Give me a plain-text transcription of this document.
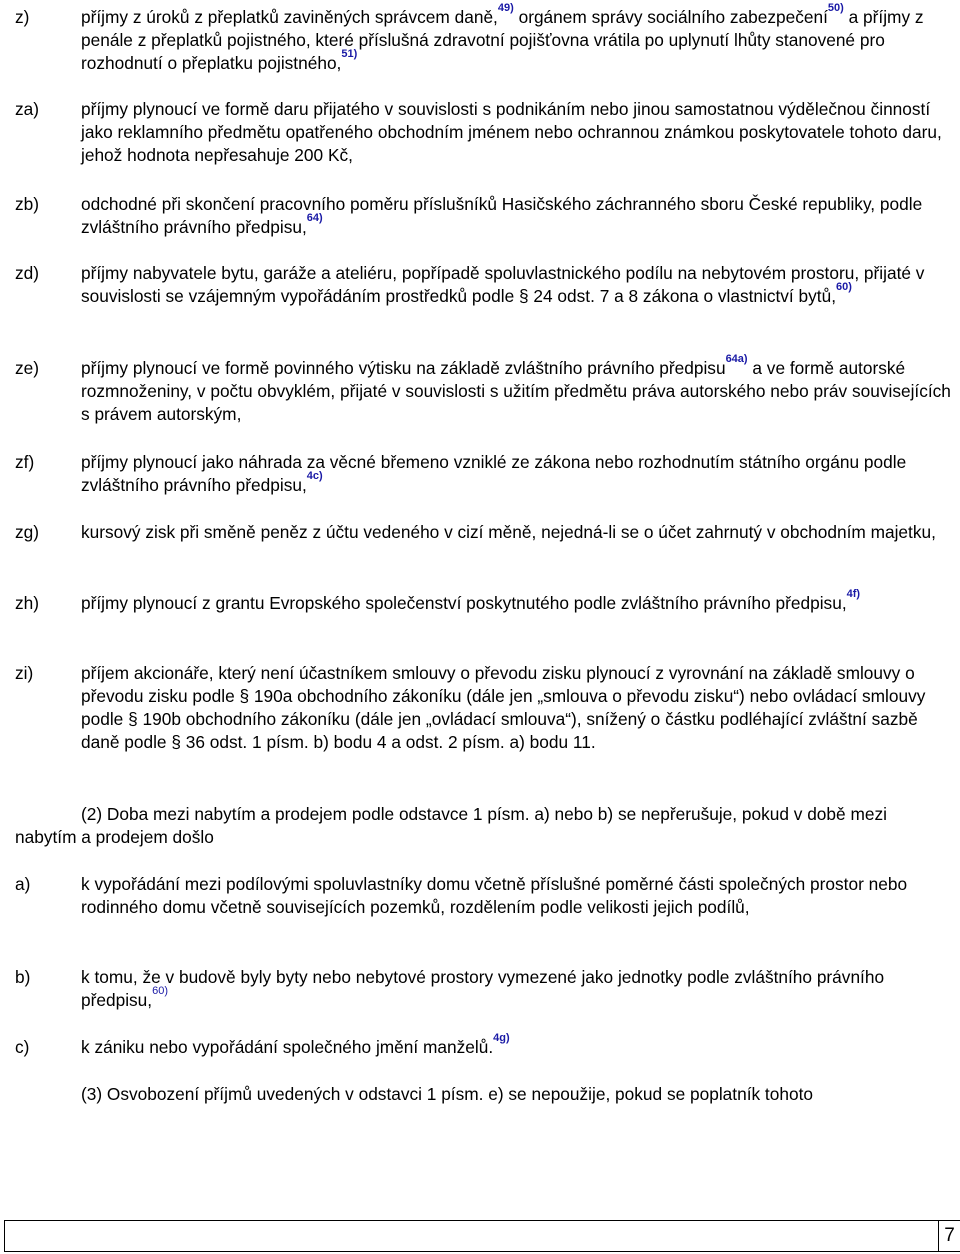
z)	příjmy z úroků z přeplatků zaviněných správcem daně,$^{49)}$ orgánem správy sociálního zabezpečení$^{50)}$ a příjmy z penále z přeplatků pojistného, které příslušná zdravotní pojišťovna vrátila po uplynutí lhůty stanovené pro rozhodnutí o přeplatku pojistného,$^{51)}$
za) příjmy plynoucí ve formě daru přijatého v souvislosti s podnikáním nebo jinou samostatnou výdělečnou činností jako reklamního předmětu opatřeného obchodním jménem nebo ochrannou známkou poskytovatele tohoto daru, jehož hodnota nepřesahuje 200 Kč,
zb) odchodné při skončení pracovního poměru příslušníků Hasičského záchranného sboru České republiky, podle zvláštního právního předpisu,$^{64)}$
zd) příjmy nabyvatele bytu, garáže a ateliéru, popřípadě spoluvlastnického podílu na nebytovém prostoru, přijaté v souvislosti se vzájemným vypořádáním prostředků podle § 24 odst. 7 a 8 zákona o vlastnictví bytů,$^{60)}$
ze) příjmy plynoucí ve formě povinného výtisku na základě zvláštního právního předpisu$^{64a)}$ a ve formě autorské rozmnoženiny, v počtu obvyklém, přijaté v souvislosti s užitím předmětu práva autorského nebo práv souvisejících s právem autorským,
zf)	příjmy plynoucí jako náhrada za věcné břemeno vzniklé ze zákona nebo rozhodnutím státního orgánu podle zvláštního právního předpisu,$^{4c)}$
zg) kursový zisk při směně peněz z účtu vedeného v cizí měně, nejedná-li se o účet zahrnutý v obchodním majetku,
zh) příjmy plynoucí z grantu Evropského společenství poskytnutého podle zvláštního právního předpisu,$^{4f)}$
zi)	příjem akcionáře, který není účastníkem smlouvy o převodu zisku plynoucí z vyrovnání na základě smlouvy o převodu zisku podle § 190a obchodního zákoníku (dále jen „smlouva o převodu zisku“) nebo ovládací smlouvy podle § 190b obchodního zákoníku (dále jen „ovládací smlouva“), snížený o částku podléhající zvláštní sazbě daně podle § 36 odst. 1 písm. b) bodu 4 a odst. 2 písm. a) bodu 11.
(2) Doba mezi nabytím a prodejem podle odstavce 1 písm. a) nebo b) se nepřerušuje, pokud v době mezi nabytím a prodejem došlo
a)	k vypořádání mezi podílovými spoluvlastníky domu včetně příslušné poměrné části společných prostor nebo rodinného domu včetně souvisejících pozemků, rozdělením podle velikosti jejich podílů,
b)	k tomu, že v budově byly byty nebo nebytové prostory vymezené jako jednotky podle zvláštního právního předpisu,$^{60)}$
c)	k zániku nebo vypořádání společného jmění manželů.$^{4g)}$
(3) Osvobození příjmů uvedených v odstavci 1 písm. e) se nepoužije, pokud se poplatník tohoto
7
